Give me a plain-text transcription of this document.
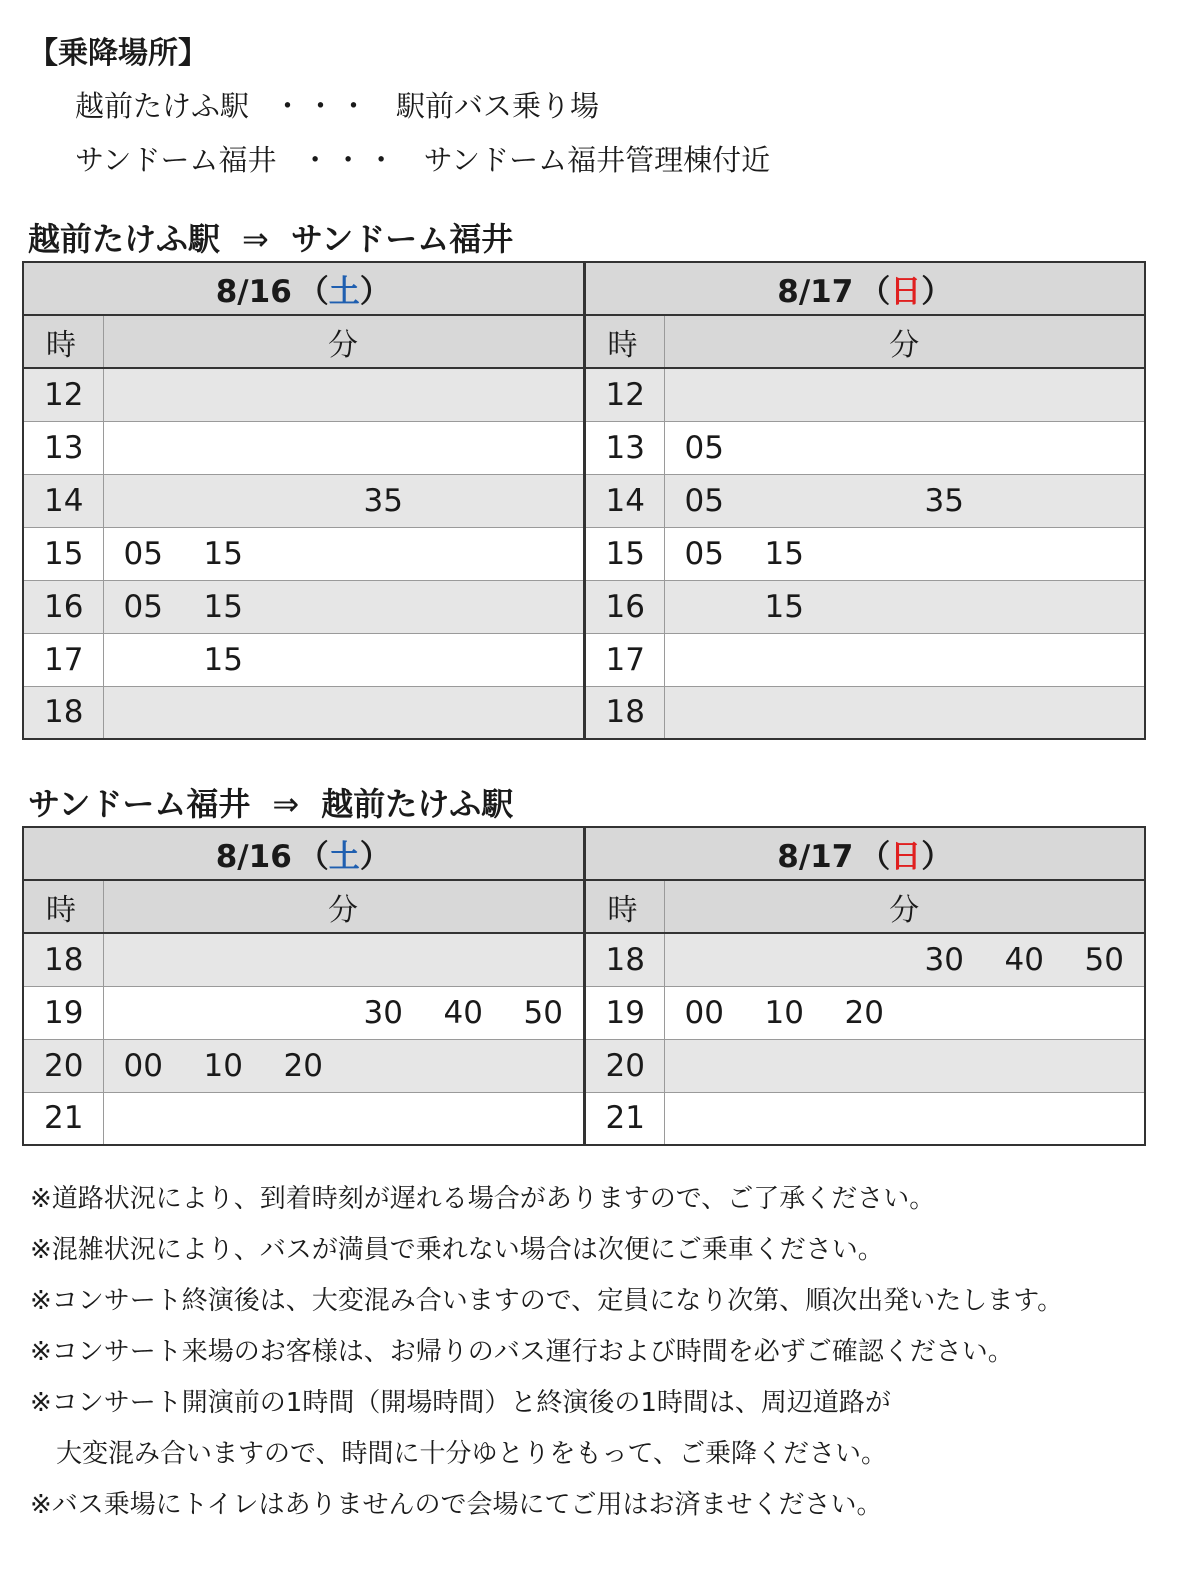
【乗降場所】
越前たけふ駅 ・・・ 駅前バス乗り場
サンドーム福井 ・・・ サンドーム福井管理棟付近
越前たけふ駅 ⇒ サンドーム福井
8/16 （土）		8/17 （日）	
時	分	時	分
12		12	
13		13	05

14	35	14	05 35

15	05 15	15	05 15

16	05 15	16	15

17	15	17	
18		18	
サンドーム福井 ⇒ 越前たけふ駅
8/16 （土）		8/17 （日）	
時	分	時	分
18		18	30 40 50

19	30 40 50	19	00 10 20

20	00 10 20	20	
21		21	
※道路状況により、到着時刻が遅れる場合がありますので、ご了承ください。
※混雑状況により、バスが満員で乗れない場合は次便にご乗車ください。
※コンサート終演後は、大変混み合いますので、定員になり次第、順次出発いたします。
※コンサート来場のお客様は、お帰りのバス運行および時間を必ずご確認ください。
※コンサート開演前の1時間（開場時間）と終演後の1時間は、周辺道路が
　大変混み合いますので、時間に十分ゆとりをもって、ご乗降ください。
※バス乗場にトイレはありませんので会場にてご用はお済ませください。
